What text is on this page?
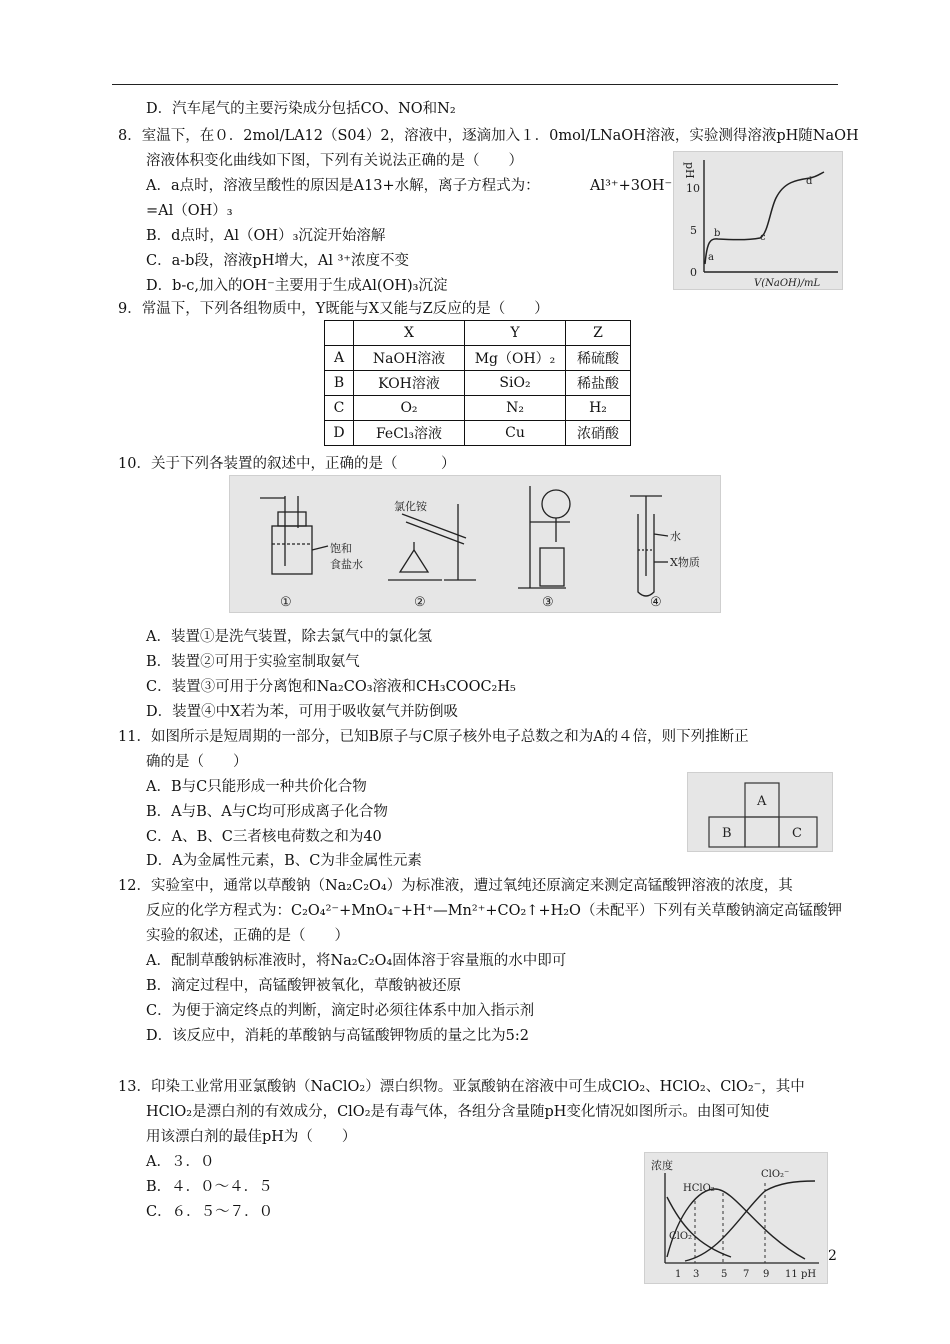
D．汽车尾气的主要污染成分包括CO、NO和N₂
8．室温下，在０．2mol/LA12（S04）2，溶液中，逐滴加入１．0mol/LNaOH溶液，实验测得溶液pH随NaOH
溶液体积变化曲线如下图，下列有关说法正确的是（　　）
A．a点时，溶液呈酸性的原因是A13+水解，离子方程式为：	Al³⁺+3OH⁻
=Al（OH）₃
B．d点时，Al（OH）₃沉淀开始溶解
C．a-b段，溶液pH增大，Al ³⁺浓度不变
D．b-c,加入的OH⁻主要用于生成Al(OH)₃沉淀
pH
10
5
0
a
b	c
d
V(NaOH)/mL
9．常温下，下列各组物质中，Y既能与X又能与Z反应的是（　　）
	X	Y	Z
A	NaOH溶液	Mg（OH）₂	稀硫酸
B	KOH溶液	SiO₂	稀盐酸
C	O₂	N₂	H₂
D	FeCl₃溶液	Cu	浓硝酸
10．关于下列各装置的叙述中，正确的是（　　　）
饱和
食盐水
氯化铵
水
X物质
①	②	③	④
A．装置①是洗气装置，除去氯气中的氯化氢
B．装置②可用于实验室制取氨气
C．装置③可用于分离饱和Na₂CO₃溶液和CH₃COOC₂H₅
D．装置④中X若为苯，可用于吸收氨气并防倒吸
11．如图所示是短周期的一部分，已知B原子与C原子核外电子总数之和为A的４倍，则下列推断正
确的是（　　）
A．B与C只能形成一种共价化合物
B．A与B、A与C均可形成离子化合物
C．A、B、C三者核电荷数之和为40
D．A为金属性元素，B、C为非金属性元素
A
B	C
12．实验室中，通常以草酸钠（Na₂C₂O₄）为标准液，遭过氧纯还原滴定来测定高锰酸钾溶液的浓度，其
反应的化学方程式为：C₂O₄²⁻+MnO₄⁻+H⁺—Mn²⁺+CO₂↑+H₂O（未配平）下列有关草酸钠滴定高锰酸钾
实验的叙述，正确的是（　　）
A．配制草酸钠标准液时，将Na₂C₂O₄固体溶于容量瓶的水中即可
B．滴定过程中，高锰酸钾被氧化，草酸钠被还原
C．为便于滴定终点的判断，滴定时必须往体系中加入指示剂
D．该反应中，消耗的革酸钠与高锰酸钾物质的量之比为5:2
13．印染工业常用亚氯酸钠（NaClO₂）漂白织物。亚氯酸钠在溶液中可生成ClO₂、HClO₂、ClO₂⁻，其中
HClO₂是漂白剂的有效成分，ClO₂是有毒气体，各组分含量随pH变化情况如图所示。由图可知使
用该漂白剂的最佳pH为（　　）
A．３．０
B．４．０～４．５
C．６．５～７．０
浓度
HClO₂
ClO₂⁻
ClO₂
1 3 5 7 9 11 pH
2
